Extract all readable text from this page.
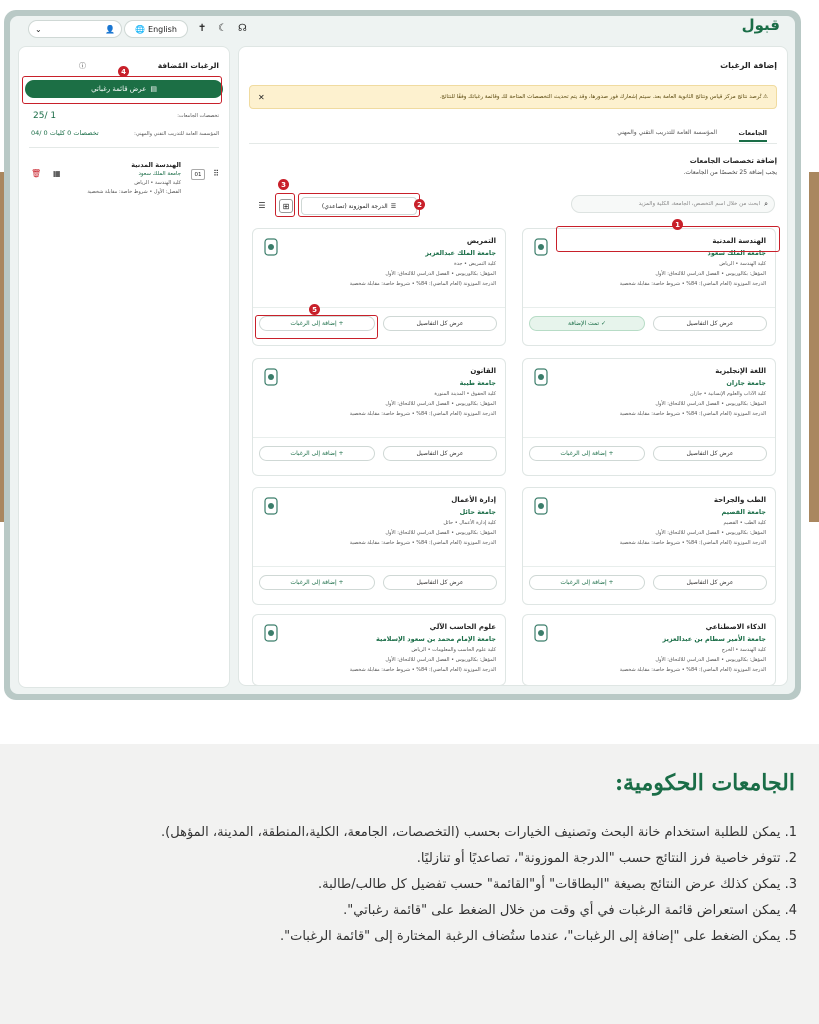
⌄	👤	🌐 English ✝ ☾ ☊	قبول
الرغبات المُضافة
ⓘ
▤
عرض قائمة رغباتي
تخصصات الجامعات:
25/ 1
المؤسسة العامة للتدريب التقني والمهني:
تخصصات 0 كليات 0 /04
الهندسة المدنية
جامعة الملك سعود
كلية الهندسة • الرياض
الفصل: الأول • شروط خاصة: مقابلة شخصية
01	⠿
▦
🗑
إضافة الرغبات
⚠ تُرصد نتائج مركز قياس ونتائج الثانوية العامة بعد. سيتم إشعارك فور صدورها، وقد يتم تحديث التخصصات المتاحة لك وقائمة رغباتك وفقًا للنتائج.
✕
الجامعات
المؤسسة العامة للتدريب التقني والمهني
إضافة تخصصات الجامعات
يجب إضافة 25 تخصصًا من الجامعات.
⌕
ابحث من خلال اسم التخصص، الجامعة، الكلية والمزيد
☰
الدرجة الموزونة (تصاعدي)
⊞
☰
الهندسة المدنية
جامعة الملك سعود
كلية الهندسة • الرياض
المؤهل: بكالوريوس • الفصل الدراسي للالتحاق: الأول
الدرجة الموزونة (العام الماضي): 84% • شروط خاصة: مقابلة شخصية
عرض كل التفاصيل
✓ تمت الإضافة
التمريض
جامعة الملك عبدالعزيز
كلية التمريض • جدة
المؤهل: بكالوريوس • الفصل الدراسي للالتحاق: الأول
الدرجة الموزونة (العام الماضي): 84% • شروط خاصة: مقابلة شخصية
عرض كل التفاصيل
+ إضافة إلى الرغبات
اللغة الإنجليزية
جامعة جازان
كلية الآداب والعلوم الإنسانية • جازان
المؤهل: بكالوريوس • الفصل الدراسي للالتحاق: الأول
الدرجة الموزونة (العام الماضي): 84% • شروط خاصة: مقابلة شخصية
عرض كل التفاصيل
+ إضافة إلى الرغبات
القانون
جامعة طيبة
كلية الحقوق • المدينة المنورة
المؤهل: بكالوريوس • الفصل الدراسي للالتحاق: الأول
الدرجة الموزونة (العام الماضي): 84% • شروط خاصة: مقابلة شخصية
عرض كل التفاصيل
+ إضافة إلى الرغبات
الطب والجراحة
جامعة القصيم
كلية الطب • القصيم
المؤهل: بكالوريوس • الفصل الدراسي للالتحاق: الأول
الدرجة الموزونة (العام الماضي): 84% • شروط خاصة: مقابلة شخصية
عرض كل التفاصيل
+ إضافة إلى الرغبات
إدارة الأعمال
جامعة حائل
كلية إدارة الأعمال • حائل
المؤهل: بكالوريوس • الفصل الدراسي للالتحاق: الأول
الدرجة الموزونة (العام الماضي): 84% • شروط خاصة: مقابلة شخصية
عرض كل التفاصيل
+ إضافة إلى الرغبات
الذكاء الاصطناعي
جامعة الأمير سطام بن عبدالعزيز
كلية الهندسة • الخرج
المؤهل: بكالوريوس • الفصل الدراسي للالتحاق: الأول
الدرجة الموزونة (العام الماضي): 84% • شروط خاصة: مقابلة شخصية
علوم الحاسب الآلي
جامعة الإمام محمد بن سعود الإسلامية
كلية علوم الحاسب والمعلومات • الرياض
المؤهل: بكالوريوس • الفصل الدراسي للالتحاق: الأول
الدرجة الموزونة (العام الماضي): 84% • شروط خاصة: مقابلة شخصية
1
2
3
4
5
الجامعات الحكومية:
1. يمكن للطلبة استخدام خانة البحث وتصنيف الخيارات بحسب (التخصصات، الجامعة، الكلية،المنطقة، المدينة، المؤهل).
2. تتوفر خاصية فرز النتائج حسب "الدرجة الموزونة"، تصاعديًا أو تنازليًا.
3. يمكن كذلك عرض النتائج بصيغة "البطاقات" أو"القائمة" حسب تفضيل كل طالب/طالبة.
4. يمكن استعراض قائمة الرغبات في أي وقت من خلال الضغط على "قائمة رغباتي".
5. يمكن الضغط على "إضافة إلى الرغبات"، عندما ستُضاف الرغبة المختارة إلى "قائمة الرغبات".
